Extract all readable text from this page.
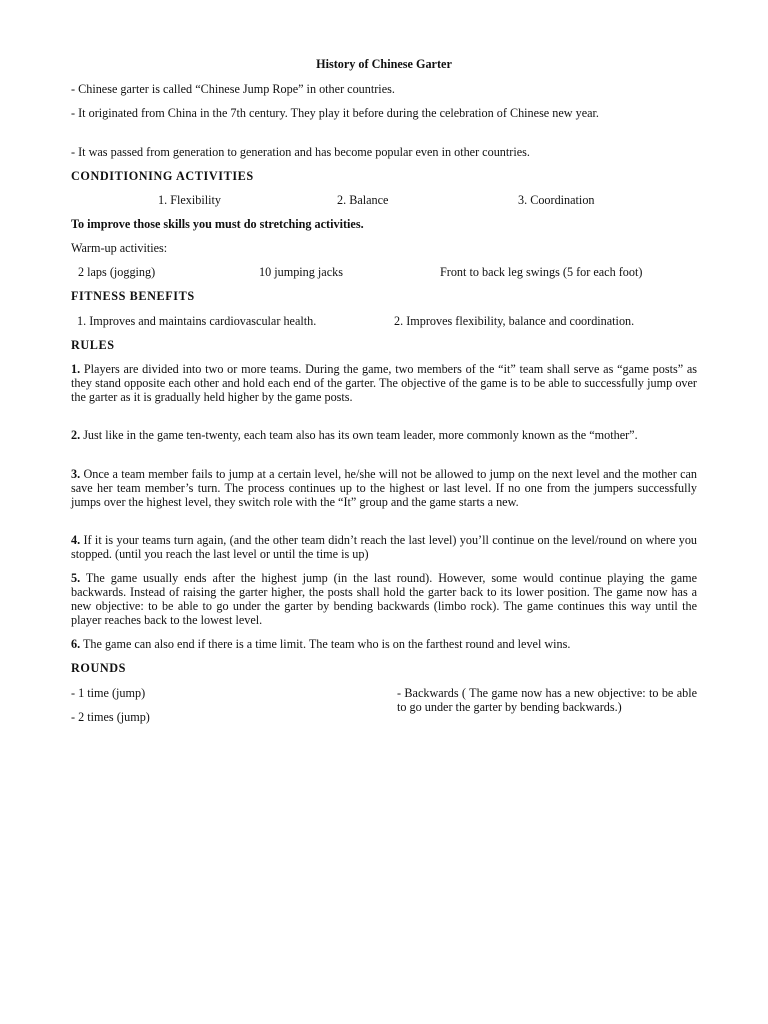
History of Chinese Garter
- Chinese garter is called “Chinese Jump Rope” in other countries.
- It originated from China in the 7th century. They play it before during the celebration of Chinese new year.
- It was passed from generation to generation and has become popular even in other countries.
CONDITIONING ACTIVITIES
1. Flexibility	2. Balance	3. Coordination
To improve those skills you must do stretching activities.
Warm-up activities:
2 laps (jogging)	10 jumping jacks	Front to back leg swings (5 for each foot)
FITNESS BENEFITS
1. Improves and maintains cardiovascular health.	2. Improves flexibility, balance and coordination.
RULES
1. Players are divided into two or more teams. During the game, two members of the “it” team shall serve as “game posts” as they stand opposite each other and hold each end of the garter. The objective of the game is to be able to successfully jump over the garter as it is gradually held higher by the game posts.
2. Just like in the game ten-twenty, each team also has its own team leader, more commonly known as the “mother”.
3. Once a team member fails to jump at a certain level, he/she will not be allowed to jump on the next level and the mother can save her team member’s turn. The process continues up to the highest or last level. If no one from the jumpers successfully jumps over the highest level, they switch role with the “It” group and the game starts a new.
4. If it is your teams turn again, (and the other team didn’t reach the last level) you’ll continue on the level/round on where you stopped. (until you reach the last level or until the time is up)
5. The game usually ends after the highest jump (in the last round). However, some would continue playing the game backwards. Instead of raising the garter higher, the posts shall hold the garter back to its lower position. The game now has a new objective: to be able to go under the garter by bending backwards (limbo rock). The game continues this way until the player reaches back to the lowest level.
6. The game can also end if there is a time limit. The team who is on the farthest round and level wins.
ROUNDS
- 1 time (jump)
- 2 times (jump)
- Backwards ( The game now has a new objective: to be able to go under the garter by bending backwards.)
